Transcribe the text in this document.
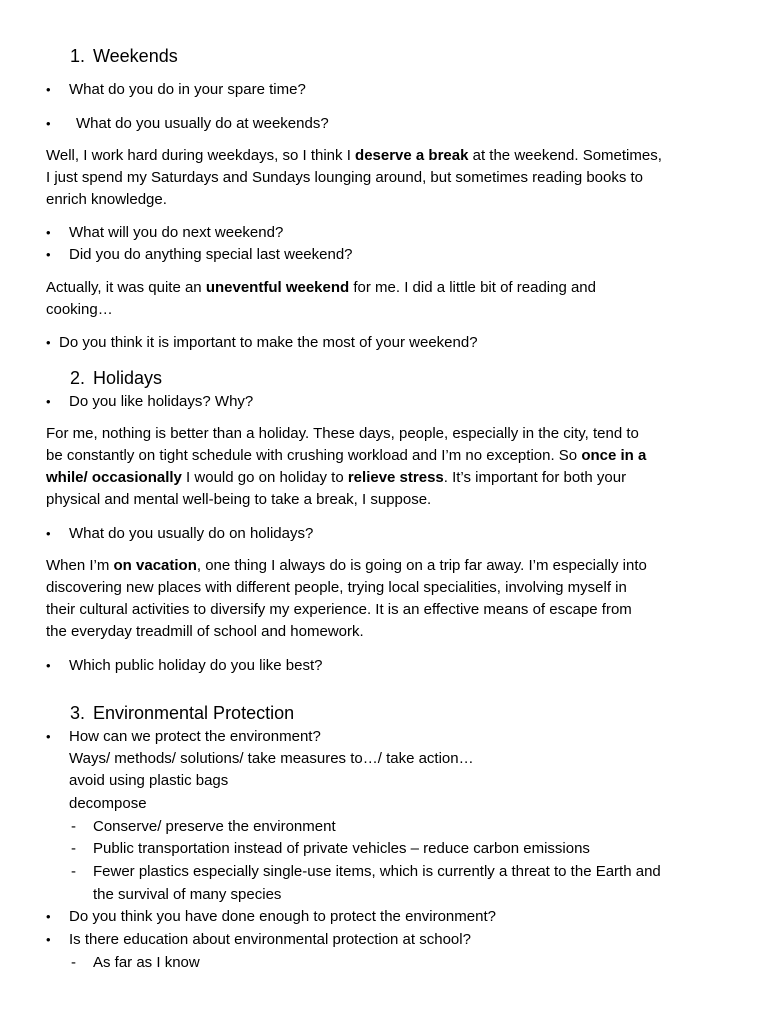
1. Weekends
• What do you do in your spare time?
• What do you usually do at weekends?
Well, I work hard during weekdays, so I think I deserve a break at the weekend. Sometimes,
I just spend my Saturdays and Sundays lounging around, but sometimes reading books to
enrich knowledge.
• What will you do next weekend?
• Did you do anything special last weekend?
Actually, it was quite an uneventful weekend for me. I did a little bit of reading and
cooking…
• Do you think it is important to make the most of your weekend?
2. Holidays
• Do you like holidays? Why?
For me, nothing is better than a holiday. These days, people, especially in the city, tend to
be constantly on tight schedule with crushing workload and I’m no exception. So once in a
while/ occasionally I would go on holiday to relieve stress. It’s important for both your
physical and mental well-being to take a break, I suppose.
• What do you usually do on holidays?
When I’m on vacation, one thing I always do is going on a trip far away. I’m especially into
discovering new places with different people, trying local specialities, involving myself in
their cultural activities to diversify my experience. It is an effective means of escape from
the everyday treadmill of school and homework.
• Which public holiday do you like best?
3. Environmental Protection
• How can we protect the environment?
Ways/ methods/ solutions/ take measures to…/ take action…
avoid using plastic bags
decompose
- Conserve/ preserve the environment
- Public transportation instead of private vehicles – reduce carbon emissions
- Fewer plastics especially single-use items, which is currently a threat to the Earth and
the survival of many species
• Do you think you have done enough to protect the environment?
• Is there education about environmental protection at school?
- As far as I know
